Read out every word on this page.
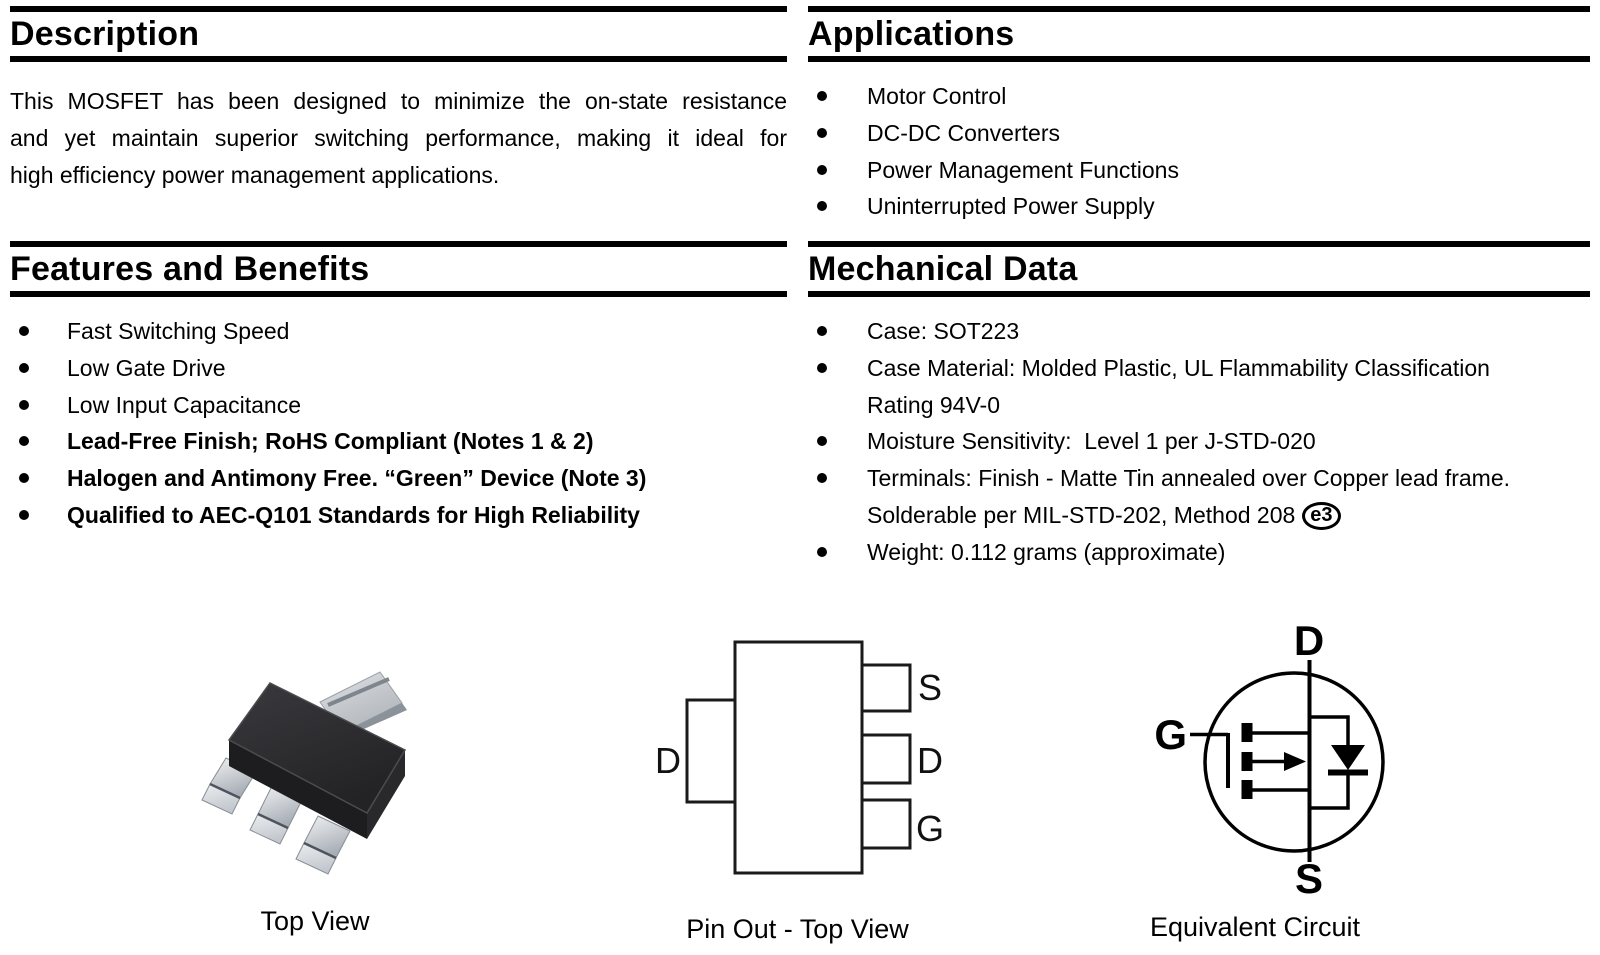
Description
This MOSFET has been designed to minimize the on-state resistance
and yet maintain superior switching performance, making it ideal for
high efficiency power management applications.
Features and Benefits
Fast Switching Speed
Low Gate Drive
Low Input Capacitance
Lead-Free Finish; RoHS Compliant (Notes 1 & 2)
Halogen and Antimony Free. “Green” Device (Note 3)
Qualified to AEC-Q101 Standards for High Reliability
Applications
Motor Control
DC-DC Converters
Power Management Functions
Uninterrupted Power Supply
Mechanical Data
Case: SOT223
Case Material: Molded Plastic, UL Flammability Classification
Rating 94V-0
Moisture Sensitivity:  Level 1 per J-STD-020
Terminals: Finish - Matte Tin annealed over Copper lead frame.
Solderable per MIL-STD-202, Method 208 e3
Weight: 0.112 grams (approximate)
Top View
D
S
D
G
Pin Out - Top View
D
G
S
Equivalent Circuit
